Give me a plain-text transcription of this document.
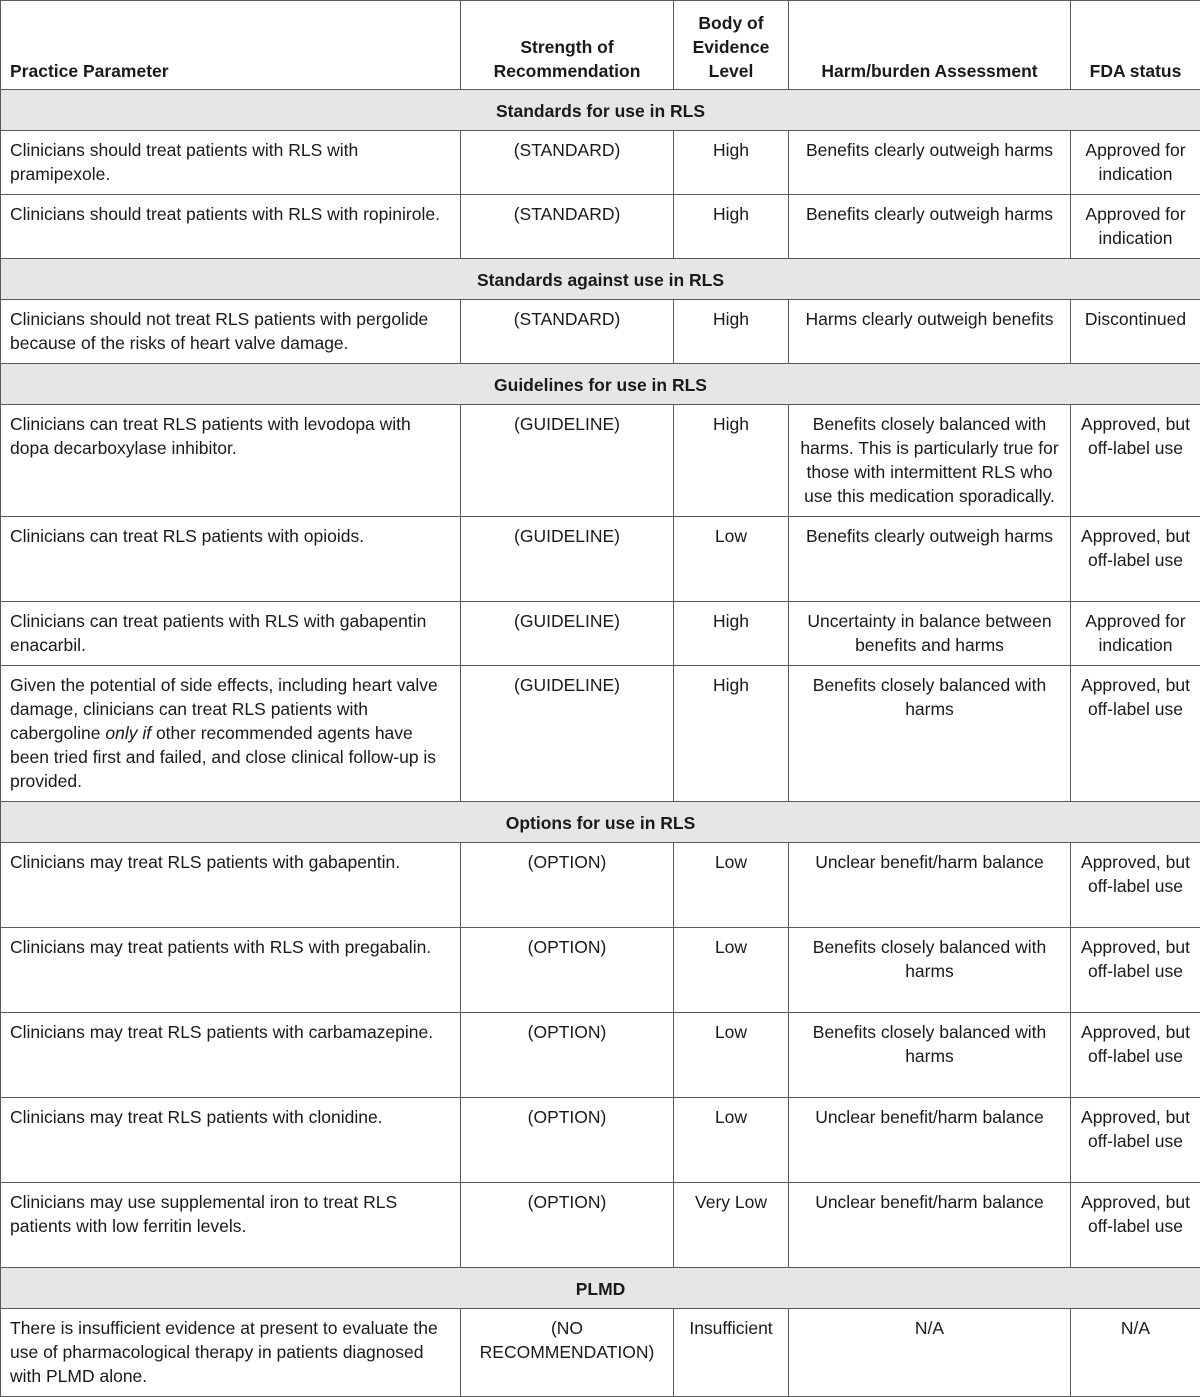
Practice Parameter	Strength of Recommendation	Body of Evidence Level	Harm/burden Assessment	FDA status
Standards for use in RLS				
Clinicians should treat patients with RLS with pramipexole.	(STANDARD)	High	Benefits clearly outweigh harms	Approved for indication
Clinicians should treat patients with RLS with ropinirole.	(STANDARD)	High	Benefits clearly outweigh harms	Approved for indication
Standards against use in RLS				
Clinicians should not treat RLS patients with pergolide because of the risks of heart valve damage.	(STANDARD)	High	Harms clearly outweigh benefits	Discontinued
Guidelines for use in RLS				
Clinicians can treat RLS patients with levodopa with dopa decarboxylase inhibitor.	(GUIDELINE)	High	Benefits closely balanced with harms. This is particularly true for those with intermittent RLS who use this medication sporadically.	Approved, but off-label use
Clinicians can treat RLS patients with opioids.	(GUIDELINE)	Low	Benefits clearly outweigh harms	Approved, but off-label use
Clinicians can treat patients with RLS with gabapentin enacarbil.	(GUIDELINE)	High	Uncertainty in balance between benefits and harms	Approved for indication
Given the potential of side effects, including heart valve damage, clinicians can treat RLS patients with cabergoline only if other recommended agents have been tried first and failed, and close clinical follow-up is provided.	(GUIDELINE)	High	Benefits closely balanced with harms	Approved, but off-label use
Options for use in RLS				
Clinicians may treat RLS patients with gabapentin.	(OPTION)	Low	Unclear benefit/harm balance	Approved, but off-label use
Clinicians may treat patients with RLS with pregabalin.	(OPTION)	Low	Benefits closely balanced with harms	Approved, but off-label use
Clinicians may treat RLS patients with carbamazepine.	(OPTION)	Low	Benefits closely balanced with harms	Approved, but off-label use
Clinicians may treat RLS patients with clonidine.	(OPTION)	Low	Unclear benefit/harm balance	Approved, but off-label use
Clinicians may use supplemental iron to treat RLS patients with low ferritin levels.	(OPTION)	Very Low	Unclear benefit/harm balance	Approved, but off-label use
PLMD				
There is insufficient evidence at present to evaluate the use of pharmacological therapy in patients diagnosed with PLMD alone.	(NO RECOMMENDATION)	Insufficient	N/A	N/A
